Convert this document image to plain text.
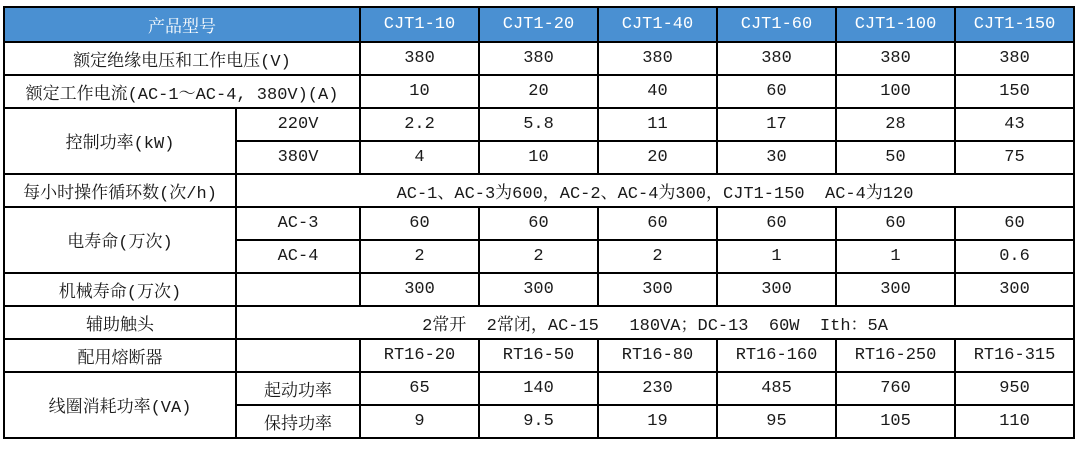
产品型号		CJT1-10	CJT1-20	CJT1-40	CJT1-60	CJT1-100	CJT1-150
额定绝缘电压和工作电压(V)		380	380	380	380	380	380
额定工作电流(AC-1～AC-4, 380V)(A)		10	20	40	60	100	150
控制功率(kW)	220V	2.2	5.8	11	17	28	43
	380V	4	10	20	30	50	75
每小时操作循环数(次/h)	AC-1、AC-3为600，AC-2、AC-4为300，CJT1-150  AC-4为120						
电寿命(万次)	AC-3	60	60	60	60	60	60
	AC-4	2	2	2	1	1	0.6
机械寿命(万次)		300	300	300	300	300	300
辅助触头	2常开  2常闭，AC-15   180VA；DC-13  60W  Ith：5A						
配用熔断器		RT16-20	RT16-50	RT16-80	RT16-160	RT16-250	RT16-315
线圈消耗功率(VA)	起动功率	65	140	230	485	760	950
	保持功率	9	9.5	19	95	105	110
